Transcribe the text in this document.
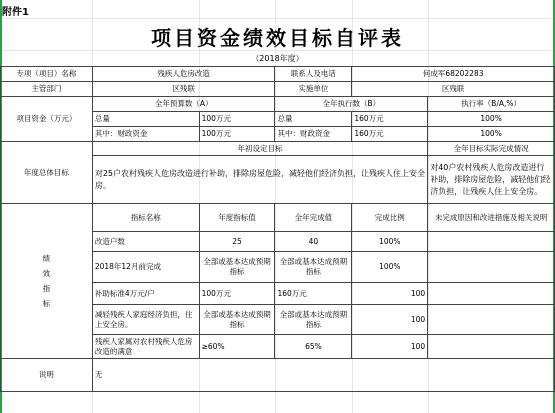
附件1
项目资金绩效目标自评表
（2018年度）
专项（项目）名称	残疾人危房改造		联系人及电话	何成军68202283	
主管部门	区残联		实施单位	区残联	
项目资金（万元）	全年预算数（A）		全年执行数（B）		执行率（B/A,%）
	总量	100万元	总量	160万元	100%
	其中：财政资金	100万元	其中：财政资金	160万元	100%
年度总体目标	年初设定目标				全年目标实际完成情况
	对25户农村残疾人危房改造进行补助，排除房屋危险，减轻他们经济负担，让残疾人住上安全房。				对40户农村残疾人危房改造进行补助，排除房屋危险，减轻他们经济负担，让残疾人住上安全房。

绩效指标	指标名称	年度指标值	全年完成值	完成比例	未完成原因和改进措施及相关说明
	改造户数	25	40	100%	
	2018年12月前完成	全部或基本达成预期指标	全部或基本达成预期指标	100%	
	补助标准4万元/户	100万元	160万元	100	
	减轻残疾人家庭经济负担，住上安全房。	全部或基本达成预期指标	全部或基本达成预期指标	100	
	残疾人家属对农村残疾人危房改造的满意	≥60%	65%	100	
说明	无				
